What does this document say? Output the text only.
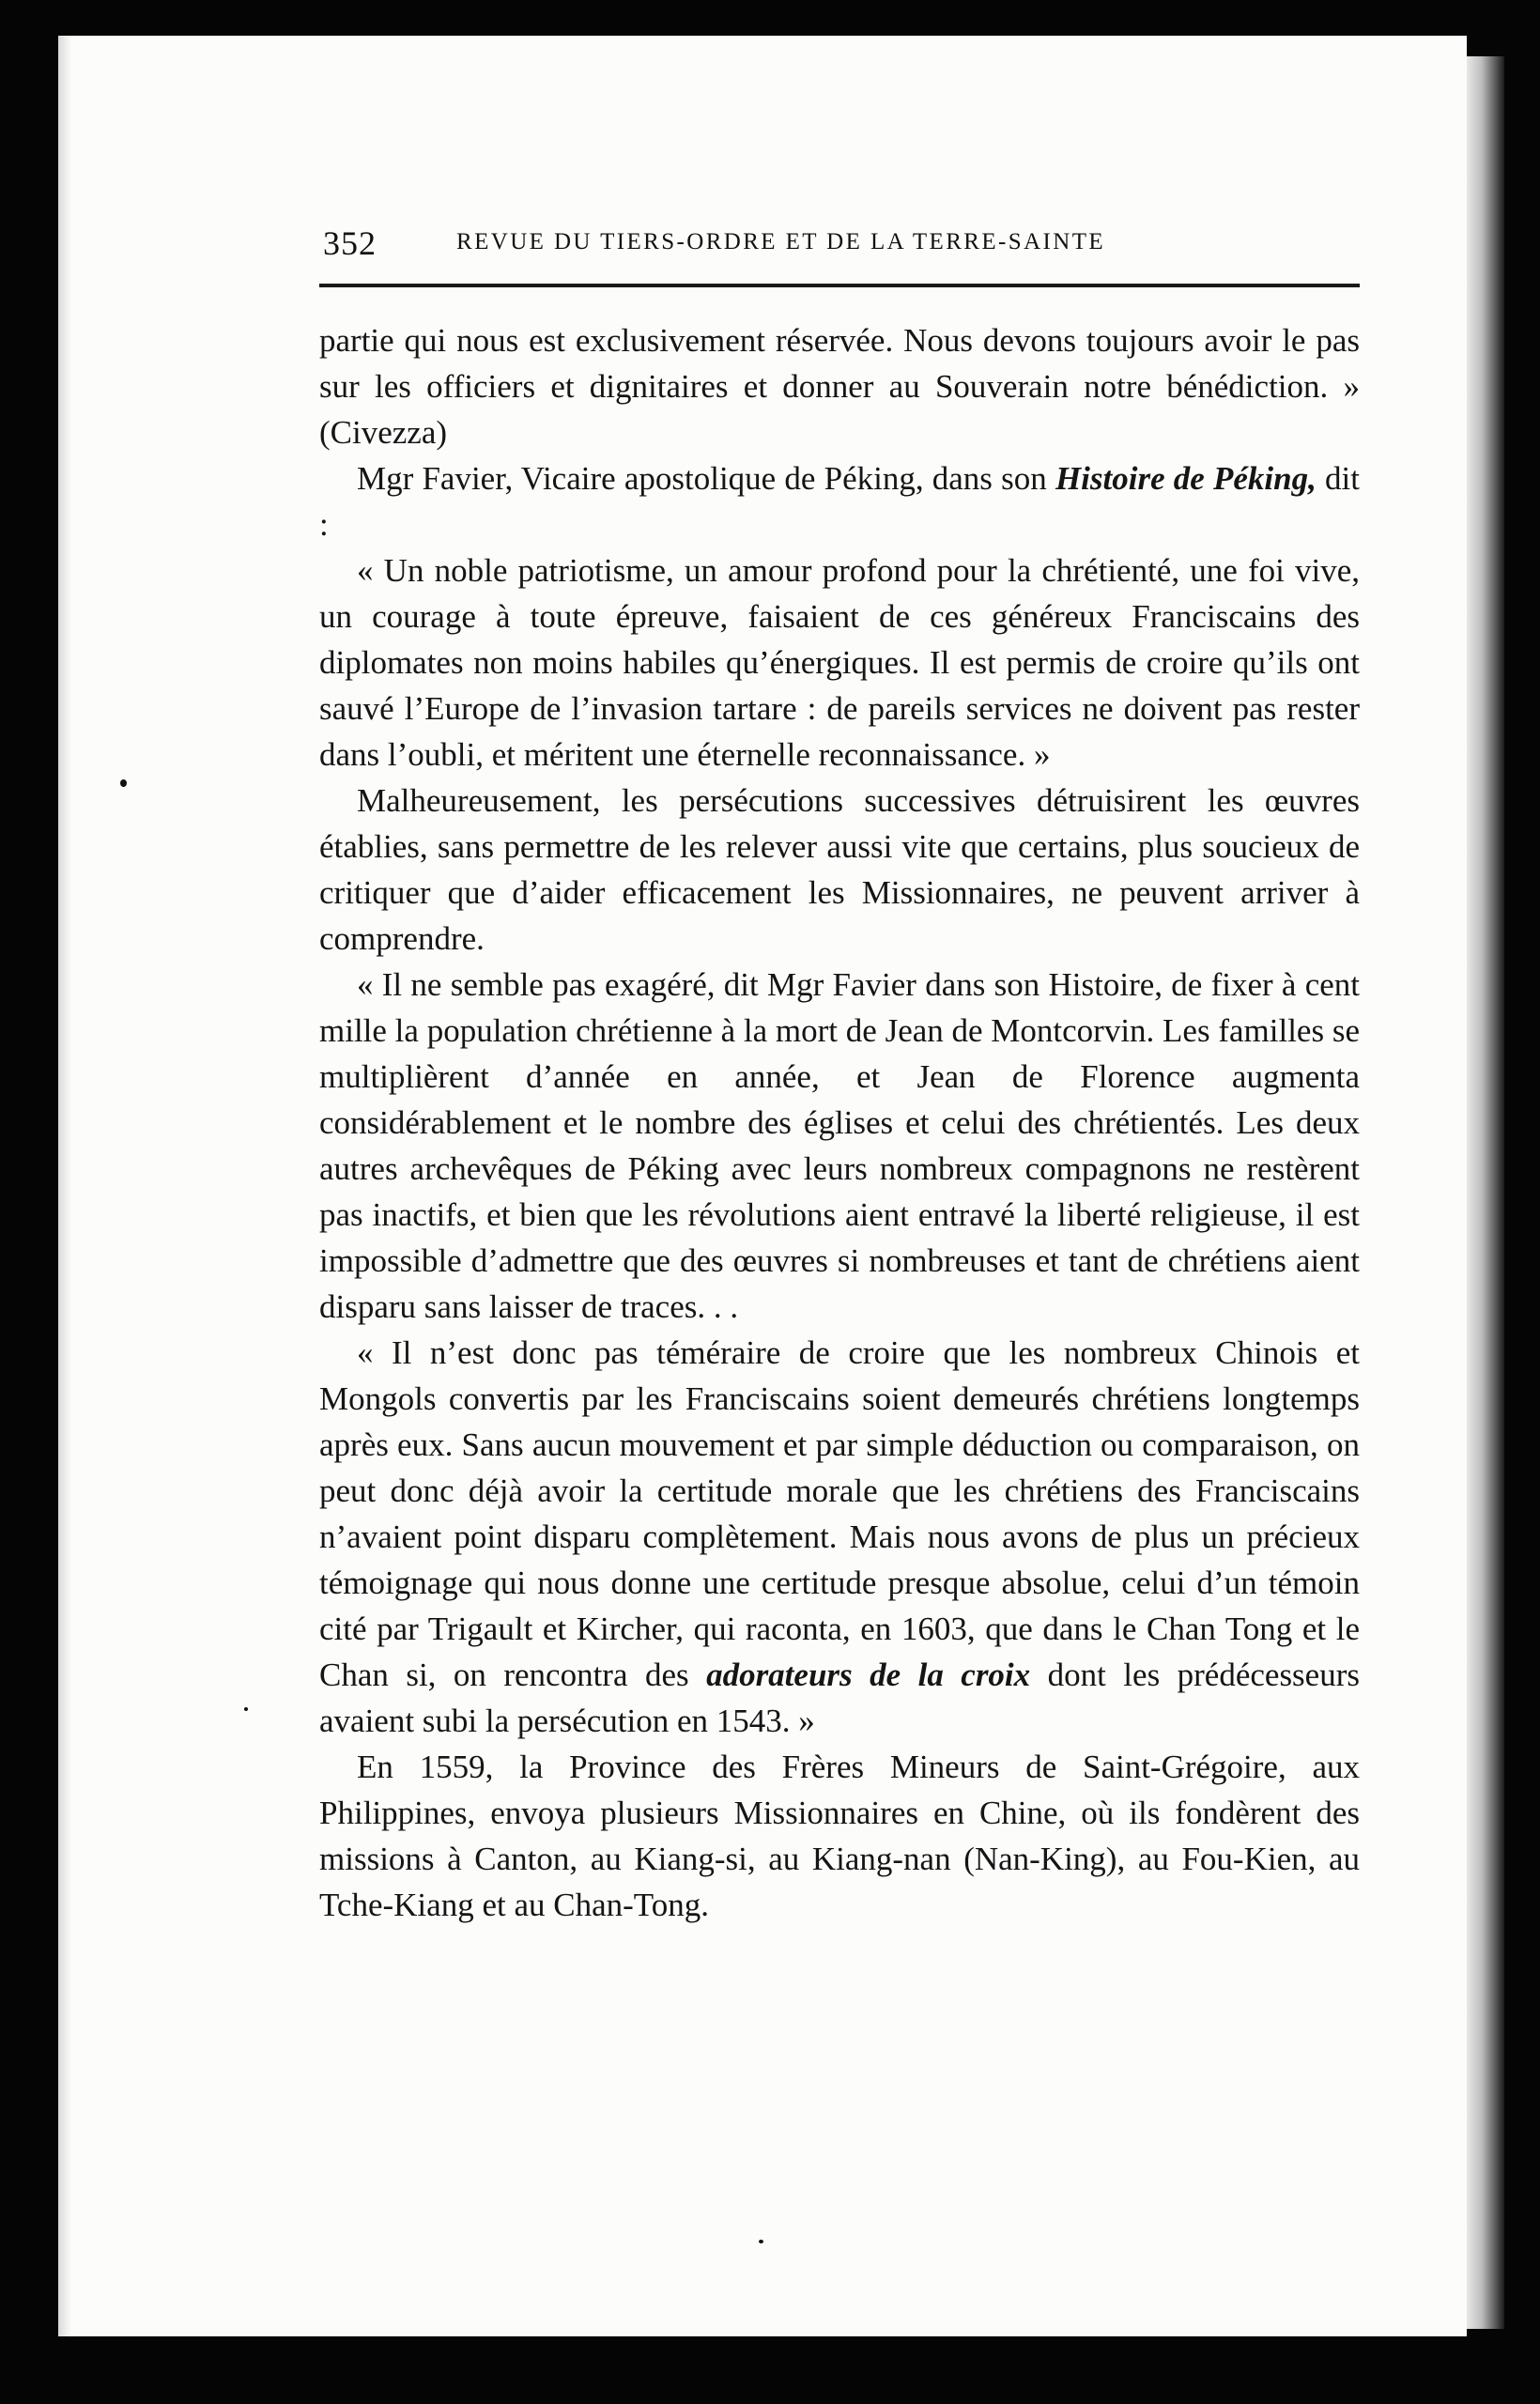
352	REVUE DU TIERS-ORDRE ET DE LA TERRE-SAINTE

partie qui nous est exclusivement réservée. Nous devons toujours avoir le pas sur les officiers et dignitaires et donner au Souverain notre bénédiction. » (Civezza)

Mgr Favier, Vicaire apostolique de Péking, dans son Histoire de Péking, dit :

« Un noble patriotisme, un amour profond pour la chrétienté, une foi vive, un courage à toute épreuve, faisaient de ces généreux Franciscains des diplomates non moins habiles qu’énergiques. Il est permis de croire qu’ils ont sauvé l’Europe de l’invasion tartare : de pareils services ne doivent pas rester dans l’oubli, et méritent une éternelle reconnaissance. »

Malheureusement, les persécutions successives détruisirent les œuvres établies, sans permettre de les relever aussi vite que certains, plus soucieux de critiquer que d’aider efficacement les Missionnaires, ne peuvent arriver à comprendre.

« Il ne semble pas exagéré, dit Mgr Favier dans son Histoire, de fixer à cent mille la population chrétienne à la mort de Jean de Montcorvin. Les familles se multiplièrent d’année en année, et Jean de Florence augmenta considérablement et le nombre des églises et celui des chrétientés. Les deux autres archevêques de Péking avec leurs nombreux compagnons ne restèrent pas inactifs, et bien que les révolutions aient entravé la liberté religieuse, il est impossible d’admettre que des œuvres si nombreuses et tant de chrétiens aient disparu sans laisser de traces. . .

« Il n’est donc pas téméraire de croire que les nombreux Chinois et Mongols convertis par les Franciscains soient demeurés chrétiens longtemps après eux. Sans aucun mouvement et par simple déduction ou comparaison, on peut donc déjà avoir la certitude morale que les chrétiens des Franciscains n’avaient point disparu complètement. Mais nous avons de plus un précieux témoignage qui nous donne une certitude presque absolue, celui d’un témoin cité par Trigault et Kircher, qui raconta, en 1603, que dans le Chan Tong et le Chan si, on rencontra des adorateurs de la croix dont les prédécesseurs avaient subi la persécution en 1543. »

En 1559, la Province des Frères Mineurs de Saint-Grégoire, aux Philippines, envoya plusieurs Missionnaires en Chine, où ils fondèrent des missions à Canton, au Kiang-si, au Kiang-nan (Nan-King), au Fou-Kien, au Tche-Kiang et au Chan-Tong.
